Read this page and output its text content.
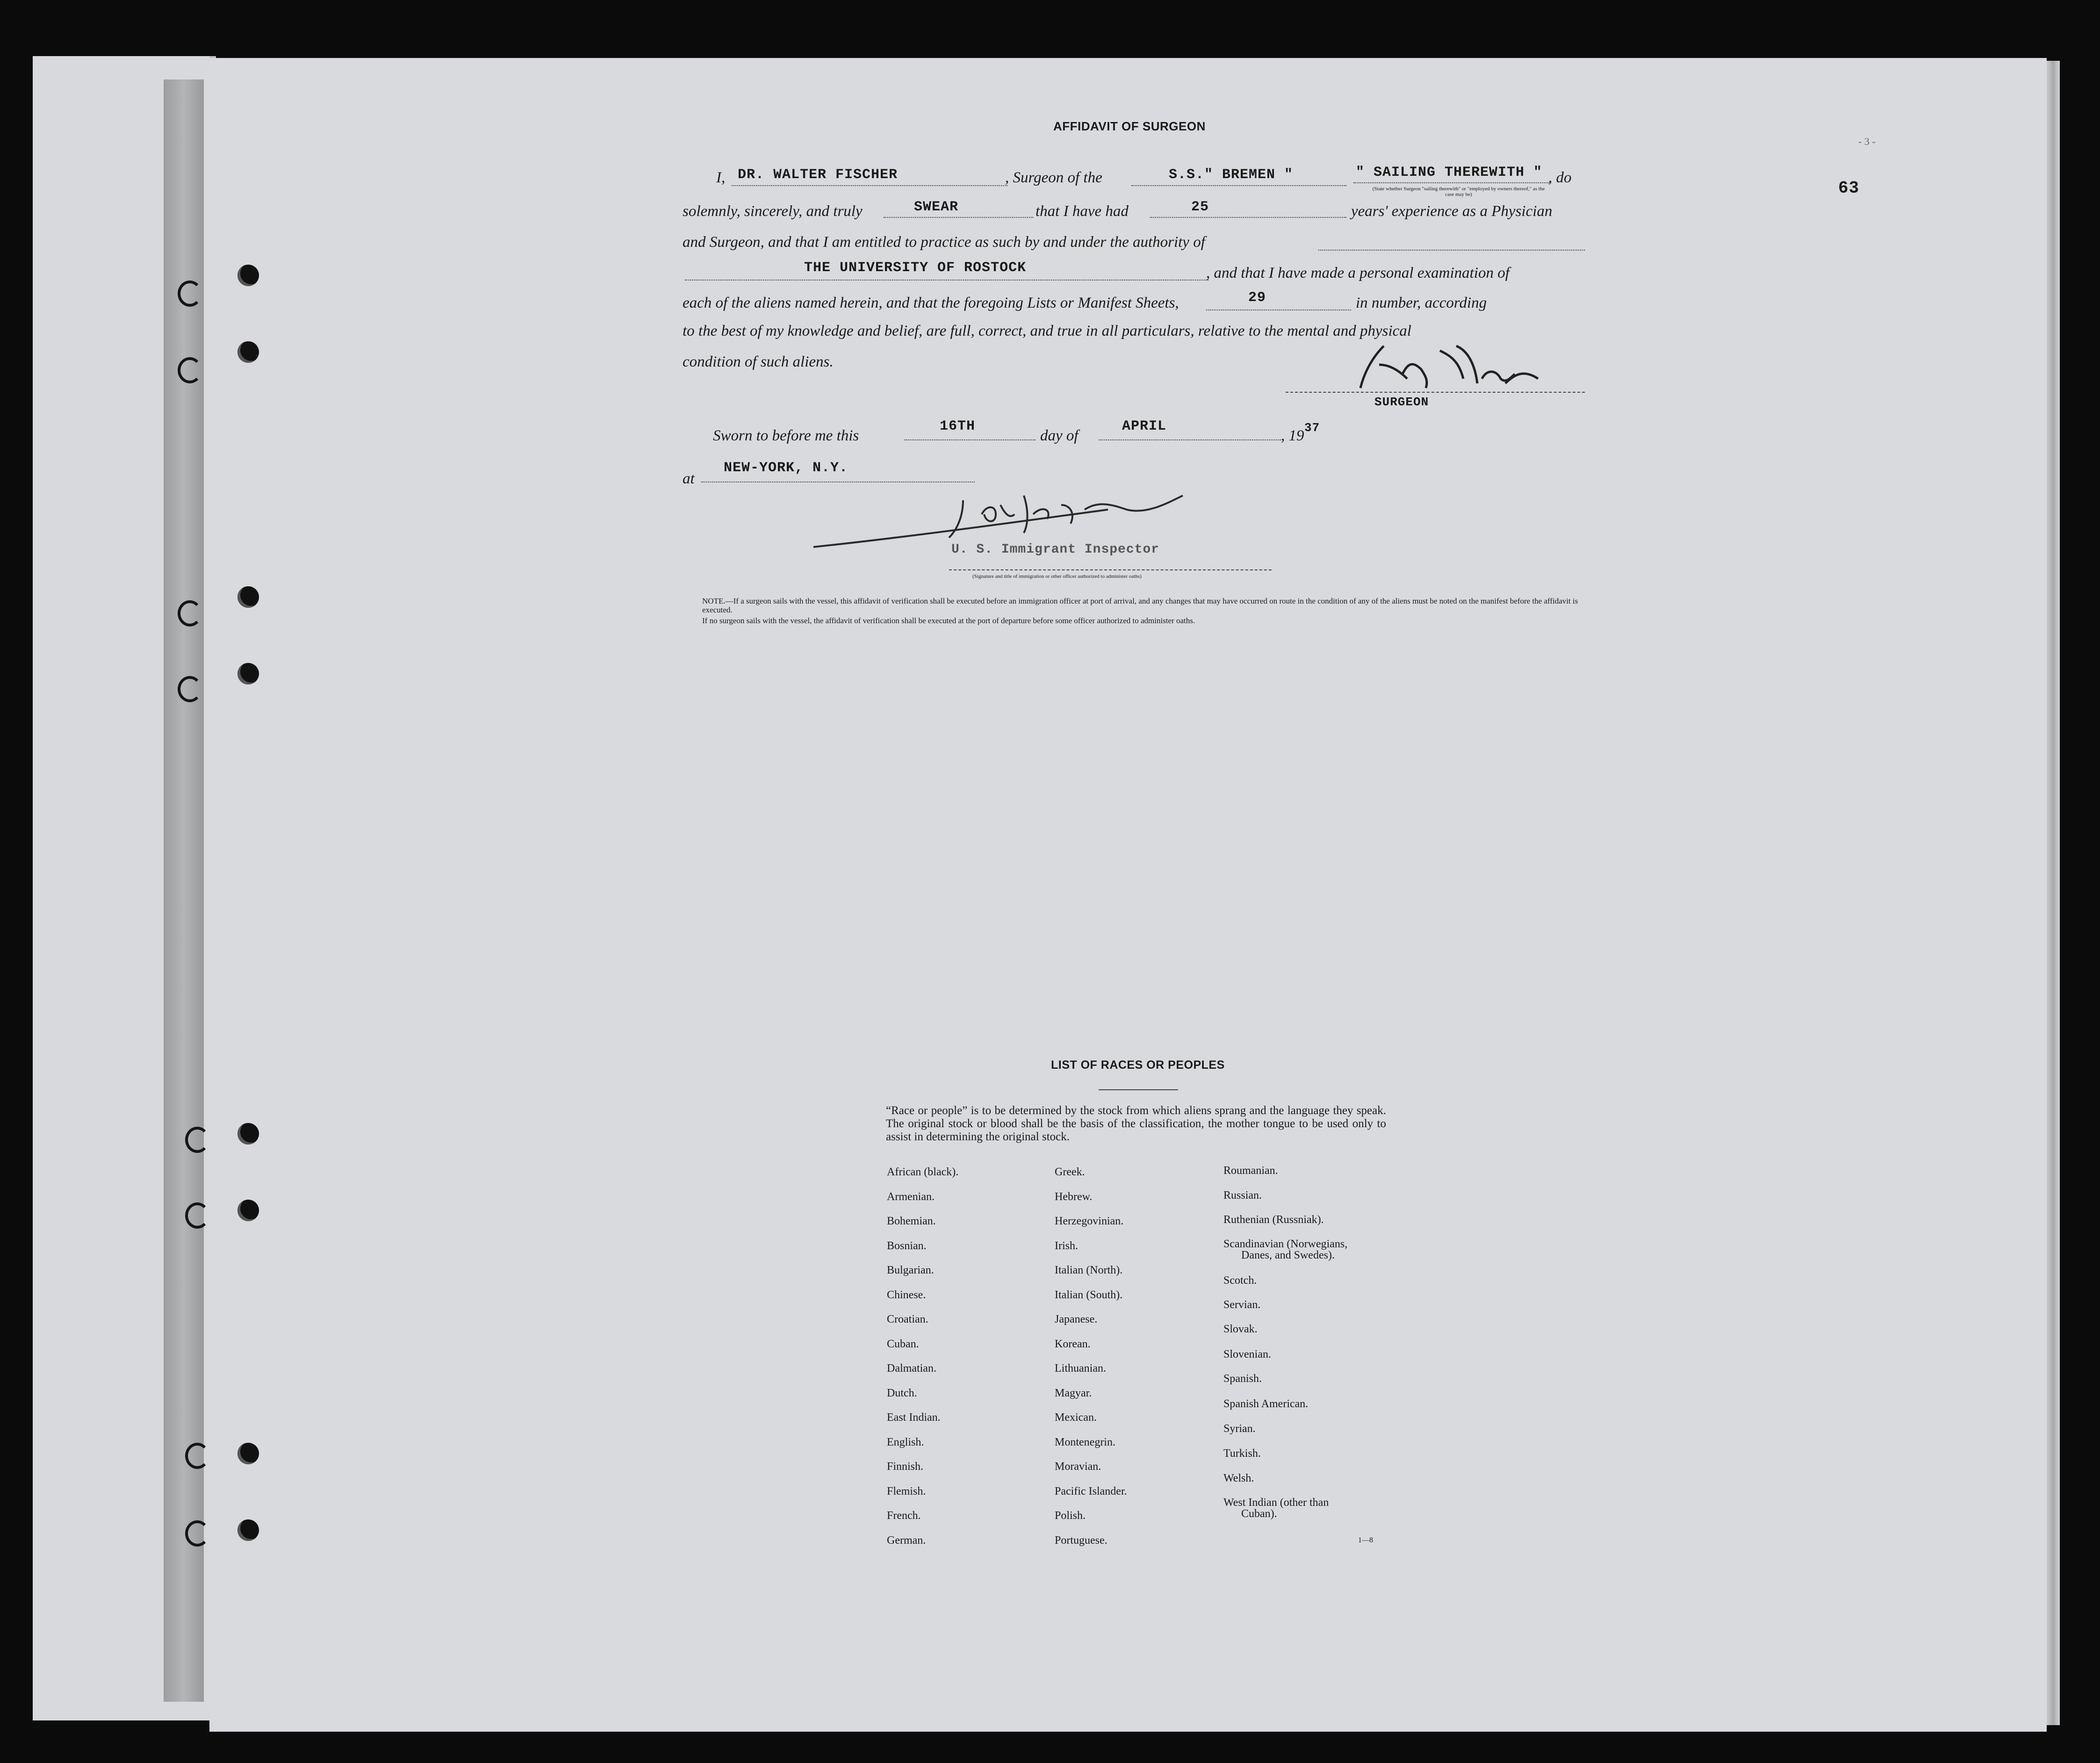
63
- 3 -
AFFIDAVIT OF SURGEON
I, DR. WALTER FISCHER	, Surgeon of the	S.S." BREMEN "	" SAILING THEREWITH " , do
(State whether Surgeon "sailing therewith" or "employed by owners thereof," as the case may be)
solemnly, sincerely, and truly	SWEAR	that I have had	25	years' experience as a Physician
and Surgeon, and that I am entitled to practice as such by and under the authority of
THE UNIVERSITY OF ROSTOCK	, and that I have made a personal examination of
each of the aliens named herein, and that the foregoing Lists or Manifest Sheets,	29	in number, according
to the best of my knowledge and belief, are full, correct, and true in all particulars, relative to the mental and physical
condition of such aliens.
SURGEON
Sworn to before me this
16TH
day of
APRIL
, 19 37
at
NEW-YORK, N.Y.
U. S. Immigrant Inspector
(Signature and title of immigration or other officer authorized to administer oaths)
NOTE.—If a surgeon sails with the vessel, this affidavit of verification shall be executed before an immigration officer at port of arrival, and any changes that may have occurred on route in the condition of any of the aliens must be noted on the manifest before the affidavit is executed.
If no surgeon sails with the vessel, the affidavit of verification shall be executed at the port of departure before some officer authorized to administer oaths.
LIST OF RACES OR PEOPLES
“Race or people” is to be determined by the stock from which aliens sprang and the language they speak. The original stock or blood shall be the basis of the classification, the mother tongue to be used only to assist in determining the original stock.
African (black).
Armenian.
Bohemian.
Bosnian.
Bulgarian.
Chinese.
Croatian.
Cuban.
Dalmatian.
Dutch.
East Indian.
English.
Finnish.
Flemish.
French.
German.
Greek.
Hebrew.
Herzegovinian.
Irish.
Italian (North).
Italian (South).
Japanese.
Korean.
Lithuanian.
Magyar.
Mexican.
Montenegrin.
Moravian.
Pacific Islander.
Polish.
Portuguese.
Roumanian.
Russian.
Ruthenian (Russniak).
Scandinavian (Norwegians,
Danes, and Swedes).
Scotch.
Servian.
Slovak.
Slovenian.
Spanish.
Spanish American.
Syrian.
Turkish.
Welsh.
West Indian (other than
Cuban).
1—8
